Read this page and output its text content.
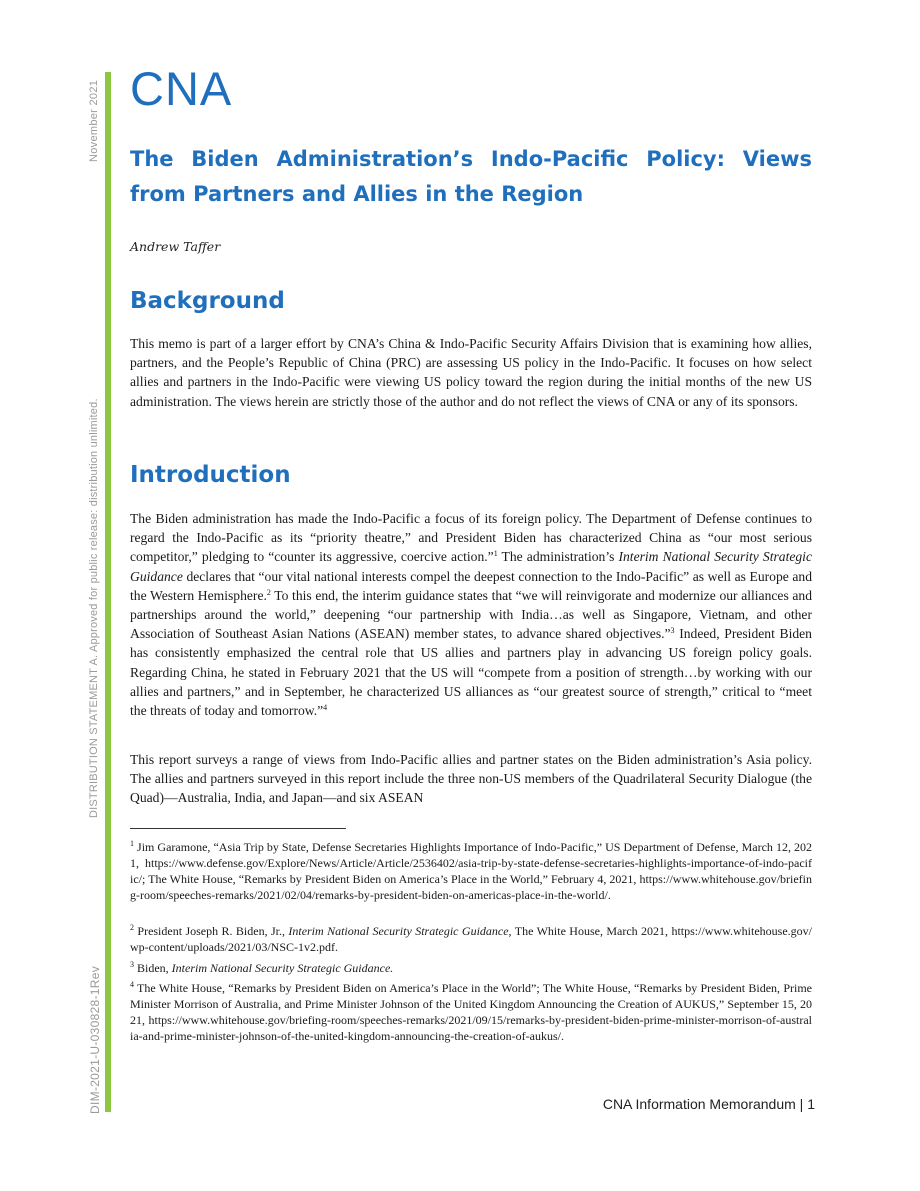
November 2021
DISTRIBUTION STATEMENT A. Approved for public release: distribution unlimited.
DIM-2021-U-030828-1Rev
CNA
The Biden Administration’s Indo-Pacific Policy: Views from Partners and Allies in the Region

Andrew Taffer

Background

This memo is part of a larger effort by CNA’s China & Indo-Pacific Security Affairs Division that is examining how allies, partners, and the People’s Republic of China (PRC) are assessing US policy in the Indo-Pacific. It focuses on how select allies and partners in the Indo-Pacific were viewing US policy toward the region during the initial months of the new US administration. The views herein are strictly those of the author and do not reflect the views of CNA or any of its sponsors.

Introduction

The Biden administration has made the Indo-Pacific a focus of its foreign policy. The Department of Defense continues to regard the Indo-Pacific as its “priority theatre,” and President Biden has characterized China as “our most serious competitor,” pledging to “counter its aggressive, coercive action.”$^1$ The administration’s Interim National Security Strategic Guidance declares that “our vital national interests compel the deepest connection to the Indo-Pacific” as well as Europe and the Western Hemisphere.$^2$ To this end, the interim guidance states that “we will reinvigorate and modernize our alliances and partnerships around the world,” deepening “our partnership with India…as well as Singapore, Vietnam, and other Association of Southeast Asian Nations (ASEAN) member states, to advance shared objectives.”$^3$ Indeed, President Biden has consistently emphasized the central role that US allies and partners play in advancing US foreign policy goals. Regarding China, he stated in February 2021 that the US will “compete from a position of strength…by working with our allies and partners,” and in September, he characterized US alliances as “our greatest source of strength,” critical to “meet the threats of today and tomorrow.”$^4$

This report surveys a range of views from Indo-Pacific allies and partner states on the Biden administration’s Asia policy. The allies and partners surveyed in this report include the three non-US members of the Quadrilateral Security Dialogue (the Quad)—Australia, India, and Japan—and six ASEAN

$^1$ Jim Garamone, “Asia Trip by State, Defense Secretaries Highlights Importance of Indo-Pacific,” US Department of Defense, March 12, 2021, https://www.defense.gov/Explore/News/Article/Article/2536402/asia-trip-by-state-defense-secretaries-highlights-importance-of-indo-pacific/; The White House, “Remarks by President Biden on America’s Place in the World,” February 4, 2021, https://www.whitehouse.gov/briefing-room/speeches-remarks/2021/02/04/remarks-by-president-biden-on-americas-place-in-the-world/.

$^2$ President Joseph R. Biden, Jr., Interim National Security Strategic Guidance, The White House, March 2021, https://www.whitehouse.gov/wp-content/uploads/2021/03/NSC-1v2.pdf.

$^3$ Biden, Interim National Security Strategic Guidance.

$^4$ The White House, “Remarks by President Biden on America’s Place in the World”; The White House, “Remarks by President Biden, Prime Minister Morrison of Australia, and Prime Minister Johnson of the United Kingdom Announcing the Creation of AUKUS,” September 15, 2021, https://www.whitehouse.gov/briefing-room/speeches-remarks/2021/09/15/remarks-by-president-biden-prime-minister-morrison-of-australia-and-prime-minister-johnson-of-the-united-kingdom-announcing-the-creation-of-aukus/.

CNA Information Memorandum | 1
